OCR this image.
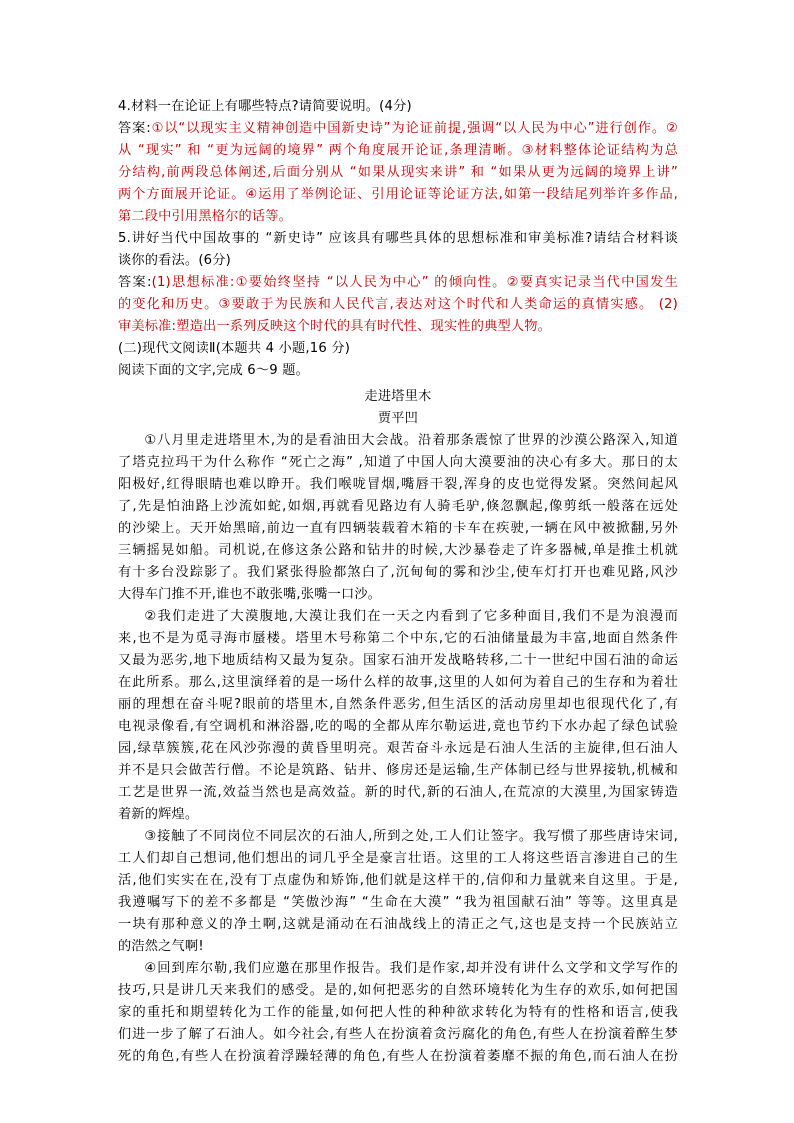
4.材料一在论证上有哪些特点?请简要说明。(4分)
答案:①以“以现实主义精神创造中国新史诗”为论证前提,强调“以人民为中心”进行创作。②
从 “现实” 和 “更为远阔的境界” 两个角度展开论证,条理清晰。③材料整体论证结构为总
分结构,前两段总体阐述,后面分别从 “如果从现实来讲” 和 “如果从更为远阔的境界上讲”
两个方面展开论证。④运用了举例论证、引用论证等论证方法,如第一段结尾列举许多作品,
第二段中引用黑格尔的话等。
5.讲好当代中国故事的 “新史诗” 应该具有哪些具体的思想标准和审美标准?请结合材料谈
谈你的看法。(6分)
答案:(1)思想标准:①要始终坚持 “以人民为中心” 的倾向性。②要真实记录当代中国发生
的变化和历史。③要敢于为民族和人民代言,表达对这个时代和人类命运的真情实感。 (2)
审美标准:塑造出一系列反映这个时代的具有时代性、现实性的典型人物。
(二)现代文阅读Ⅱ(本题共 4 小题,16 分)
阅读下面的文字,完成 6～9 题。
走进塔里木
贾平凹
①八月里走进塔里木,为的是看油田大会战。沿着那条震惊了世界的沙漠公路深入,知道
了塔克拉玛干为什么称作 “死亡之海” ,知道了中国人向大漠要油的决心有多大。那日的太
阳极好,红得眼睛也难以睁开。我们喉咙冒烟,嘴唇干裂,浑身的皮也觉得发紧。突然间起风
了,先是怕油路上沙流如蛇,如烟,再就看见路边有人骑毛驴,倏忽飘起,像剪纸一般落在远处
的沙梁上。天开始黑暗,前边一直有四辆装载着木箱的卡车在疾驶,一辆在风中被掀翻,另外
三辆摇晃如船。司机说,在修这条公路和钻井的时候,大沙暴卷走了许多器械,单是推土机就
有十多台没踪影了。我们紧张得脸都煞白了,沉甸甸的雾和沙尘,使车灯打开也难见路,风沙
大得车门推不开,谁也不敢张嘴,张嘴一口沙。
②我们走进了大漠腹地,大漠让我们在一天之内看到了它多种面目,我们不是为浪漫而
来,也不是为觅寻海市蜃楼。塔里木号称第二个中东,它的石油储量最为丰富,地面自然条件
又最为恶劣,地下地质结构又最为复杂。国家石油开发战略转移,二十一世纪中国石油的命运
在此所系。那么,这里演绎着的是一场什么样的故事,这里的人如何为着自己的生存和为着壮
丽的理想在奋斗呢?眼前的塔里木,自然条件恶劣,但生活区的活动房里却也很现代化了,有
电视录像看,有空调机和淋浴器,吃的喝的全都从库尔勒运进,竟也节约下水办起了绿色试验
园,绿草簇簇,花在风沙弥漫的黄昏里明亮。艰苦奋斗永远是石油人生活的主旋律,但石油人
并不是只会做苦行僧。不论是筑路、钻井、修房还是运输,生产体制已经与世界接轨,机械和
工艺是世界一流,效益当然也是高效益。新的时代,新的石油人,在荒凉的大漠里,为国家铸造
着新的辉煌。
③接触了不同岗位不同层次的石油人,所到之处,工人们让签字。我写惯了那些唐诗宋词,
工人们却自己想词,他们想出的词几乎全是豪言壮语。这里的工人将这些语言渗进自己的生
活,他们实实在在,没有丁点虚伪和矫饰,他们就是这样干的,信仰和力量就来自这里。于是,
我遵嘱写下的差不多都是 “笑傲沙海” “生命在大漠” “我为祖国献石油” 等等。这里真是
一块有那种意义的净土啊,这就是涌动在石油战线上的清正之气,这也是支持一个民族站立
的浩然之气啊!
④回到库尔勒,我们应邀在那里作报告。我们是作家,却并没有讲什么文学和文学写作的
技巧,只是讲几天来我们的感受。是的,如何把恶劣的自然环境转化为生存的欢乐,如何把国
家的重托和期望转化为工作的能量,如何把人性的种种欲求转化为特有的性格和语言,使我
们进一步了解了石油人。如今社会,有些人在扮演着贪污腐化的角色,有些人在扮演着醉生梦
死的角色,有些人在扮演着浮躁轻薄的角色,有些人在扮演着萎靡不振的角色,而石油人在扮
